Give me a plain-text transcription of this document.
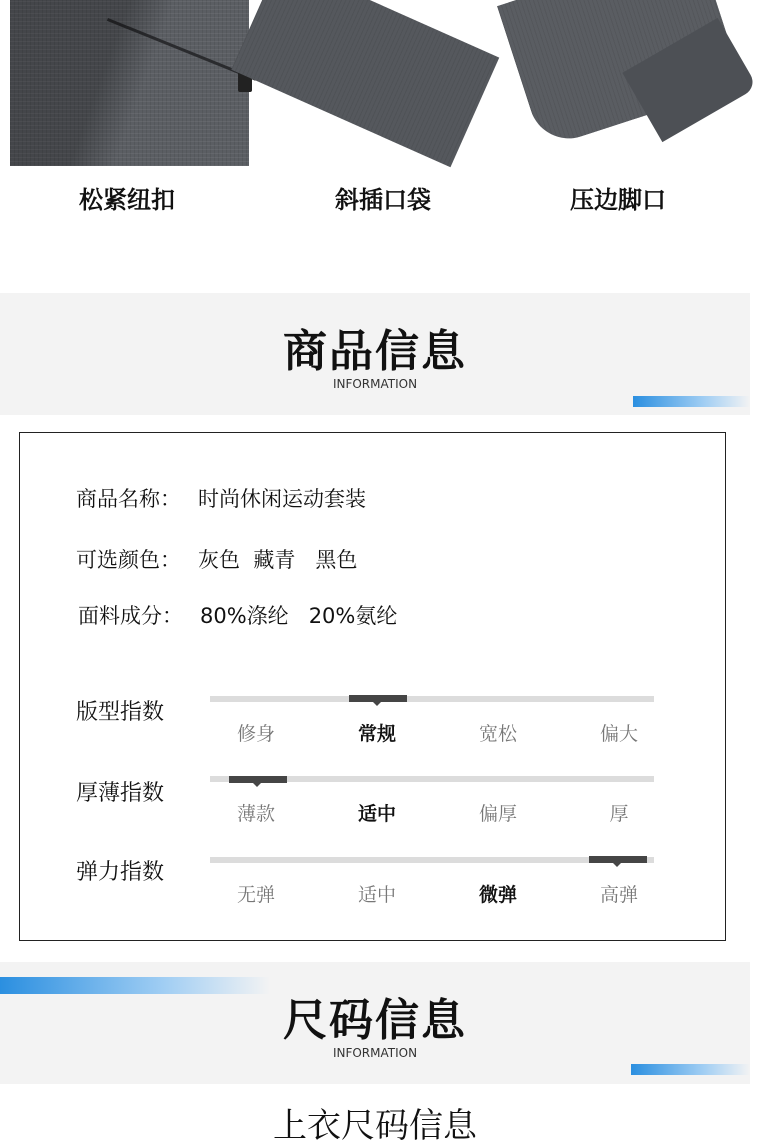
松紧纽扣	斜插口袋	压边脚口
商品信息
INFORMATION
商品名称： 时尚休闲运动套装
可选颜色： 灰色  藏青   黑色
面料成分： 80%涤纶   20%氨纶
版型指数
修身	常规	宽松	偏大
厚薄指数
薄款	适中	偏厚	厚
弹力指数
无弹	适中	微弹	高弹
尺码信息
INFORMATION
上衣尺码信息
